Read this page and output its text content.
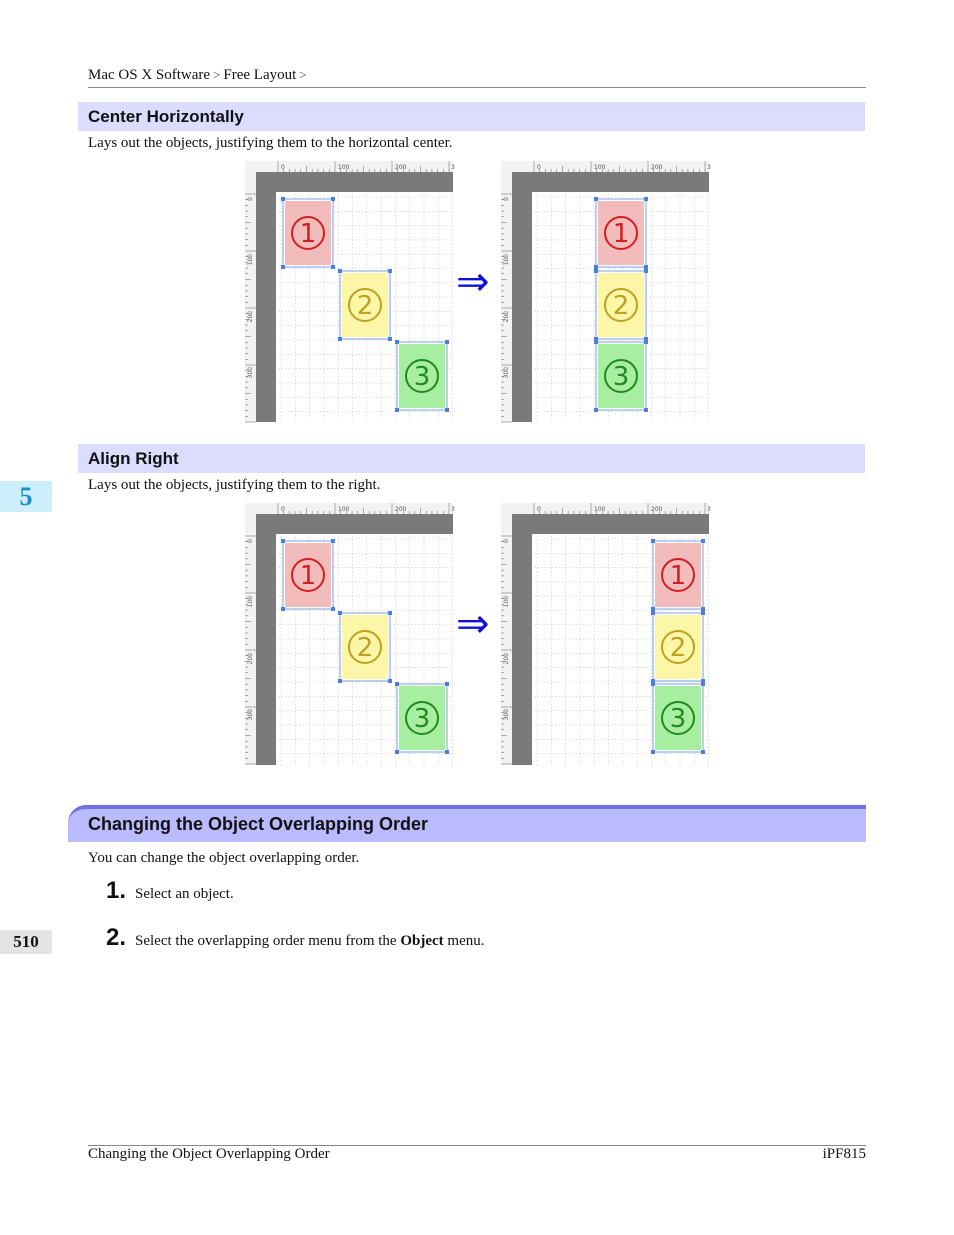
Mac OS X Software > Free Layout >
Center Horizontally
Lays out the objects, justifying them to the horizontal center.
0	100	200	3
0
100
200
300
1
2
3
⇒
0	100	200	3
0
100
200
300
1
2
3
Align Right
Lays out the objects, justifying them to the right.
0	100	200	3
0
100
200
300
1
2
3
⇒
0	100	200	3
0
100
200
300
1
2
3
5
Changing the Object Overlapping Order
You can change the object overlapping order.
1. Select an object.
2. Select the overlapping order menu from the Object menu.
510
Changing the Object Overlapping Order	iPF815
